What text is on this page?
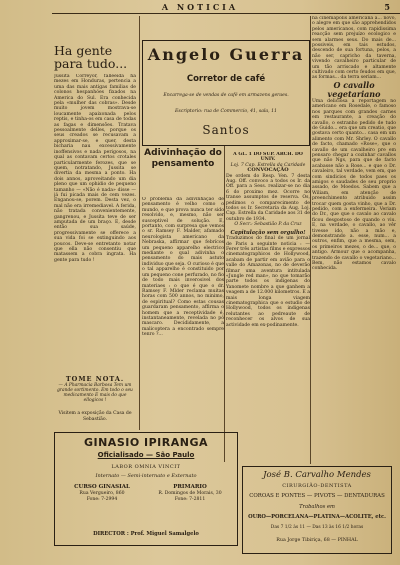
A NOTICIA	5
Ha gente para tudo...
Jussita Correyor, falleeida ha mezes em Honduras, pertencia a uma das mais antigas familias de colonos hespanhóes fixados na America do Sul. Era conhecida pela «mulher das cobras». Desde muito jovem mostrava-se loucamente apaixonada pelos reptis, e tinha-os em casa de todas as fagas e dimensões. Tratava pessoalmente delles, porque os seus creados se recusavam a approximar-se, e quer, desta bicharia nau excessivamente inoffensivos e nada perigosos, na qual as contavam certos crotales particularmente ferozes, que se quem, notratando, Jussita se divertia da mesma a ponto. Ha dois annos, aproveitando um dia pleno que um ophidio de pequeno tamanho — «Não é nada» disse — já fui picada mais de cem vezes. Enganou-se, porem. Desta vez, o mal não era irremediavel. A ferida, não tratada convenientemente, gangrenou, e Jussita teve de ser amputada de um braço. E, desde então sua saúde, progressivamente se offerece a sua vida foi se extinguindo aos poucos. Deve-se entretanto notar que ella não consentiu que matassem a cobra ingrata. Ha gente para tudo !
TOME NOTA.
— A Pharmacia Barbosa Tem um grande sortimento. Em todo o seu medicamento E mais do que ellogicos !
Visitem a exposição da Casa de Sebastião.
Angelo Guerra
Corretor de café
Encarrega-se de vendas de café em armazens geraes.
Escriptorio: rua de Commercio, 41, sala, 11
Santos
Adivinhação do pensamento
O problema da adivinhação de pensamento é velho como o mundo, e que prova nunca ter sido resolvido, e, mesmo, não ser susceptivel de solução. E, portanto, com surpresa que vemos o sr. Ramsey F. Malder, afamado neurologista americano da Nebraska, affirmar que febrícos um pequeno apparelho electrico mediante o qual adivinha o pensamento do mais astuto individuo que seja. O curioso é que o tal apparelho é constituido por um pequeno cone perfurado, no fio de todo mais inverosivel dos materiaes : o que é que o dr. Ramsey F. Mlder reclama muitas horas com 500 annos, no minimo, de espiritual? Como estas cousas guardaram pensamento, affirma o homem que a receptividade é, instantaneamente, revelada no pó mascaro. Decididamente, a malicoptera a encontrado sempre tenro ?...
A GL. 1 DO SUP. ARCH. DO UNIV.
Loj. 7 Cap. Estrella da Caridade
CONVOCAÇÃO
De ordem do Resp. Ven. 7 desta Aug. Off. convoco a todos os Ir. da Off. para a Sess. realizar-se no dia 6 do proximo mez. Ocorre no transe assumptos de reserva. Os, pedimos o comparecimento de todos os Ir. Secretaria da Aug. Loj. Cap. Estrella da Caridade aos 31 de outubro de 1934.
O Secr.: Sebastião P. da Cruz
Capitulação sem orgulho!
Traduzimos do final de um jornal de Paris a seguinte noticia : — Ferer três artistas films e expressos cinematographicos de Hollywood, acabam de partir em avião para o valle do Amazonas, no de deverão filmar uma aventura intitulada «Jungle red man», no que tomarão parte todos os indigenas do Yanomete nombre a que ganhem a veagem a de 12.000 kilometros. E a mais longa viagem cinematographica que o estudio de Hollywood, todos os indigenas relutantes ao pedreaute de reconhecer os alvos de sua actividade em ex-podinamente.
na cinemapolis americana a... novo, o alegre em que são apprehendidos pelos americanos, com rapidissima reacção sem prejuízo ecologico e sem alarmes seus. Do mais de... possiveis, em tais estudos, descendo de sua fortuna, pelos, a não ser, capricho da taverna, vivendo cavalheiro particular de um tão arriscado e altamente cultivado com certo feudos em que, as formas... da terra seriam...
O cavallo vegetariano
Uma deliciosa a reportagem no americano em Rosedale, o famoso nos parques com grandes carnes em restaurante, a creação do cavallo, o estranho pedido de tudo de Guido... era que um creatio, que gostava certo quanto... casa em um alimento com Mr. Shrley. O cavallo de facto, chamado «Rose», que o cavallo de um cavalheiro pre em pensaro chegar a cozinhar cavallos que não Ngs, para que de facto acabasse não a Rose... e que o Dr. cavaleiro, tal verdade, vem em, que com sindicios de todos paes os amigos e saudades de seu proprio assado, de Moedos. Sabem que a Wiliam, em atenção de preenchimento atribuido assim trocar quem gosta vinho, que a Dr. pedido, com a enfermeira. Veriam do Dr., que que o cavalo ao cavalo ficou desgostoso de quando o viu. E, na verdade, o cavallo, ao vêr tivesse ido, não a mão e, demonstrando a. esse, num... a outros, enfim, que a mesma, sem, os primeiros mezes, o de... que, o antigo. Armour que o acompanha, trazendo de cavallo o vegetariano... Bem, não estamos cavalo conhecida.
GINASIO IPIRANGA
Oficialisado — São Paulo
LABOR OMNIA VINCIT
Internato — Semi-internato e Externato
CURSO GINASIAL
Rua Vergueiro, 860
Fone: 7-2994
PRIMARIO
R. Domingos de Morais, 30
Fone: 7-2811
DIRECTOR : Prof. Miguel Samalgelo
José B. Carvalho Mendes
CIRURGIÃO-DENTISTA
COROAS E PONTES — PIVOTS — DENTADURAS
Trabalhos em
OURO—PORCELANA—PLATINA—ACOLITE, etc.
Das 7 1/2 às 11 — Das 13 às 16 1/2 horas
Rua Jorge Tibiriça, 68 — PINHAL
